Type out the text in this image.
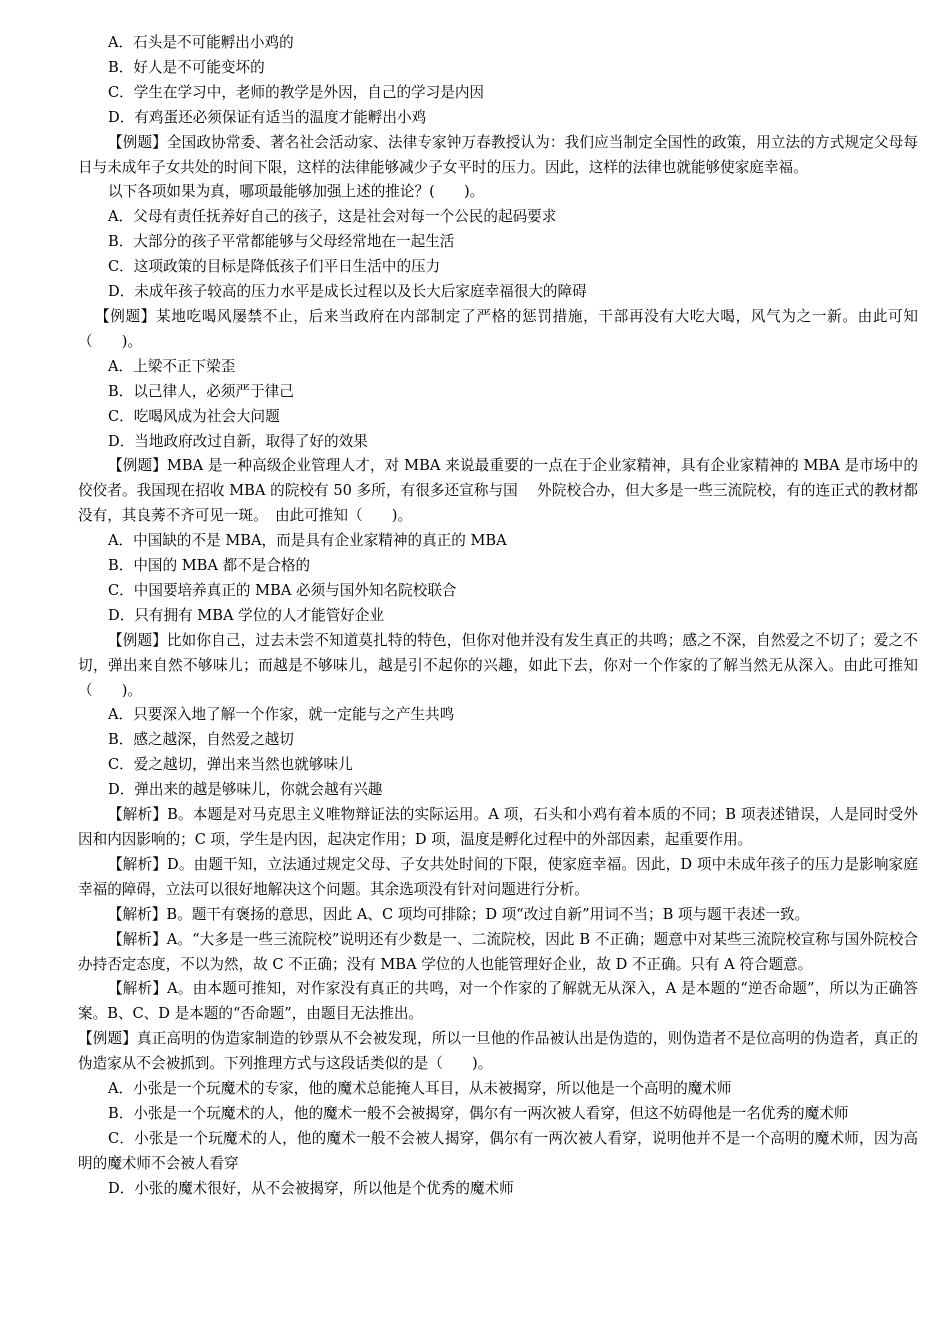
A．石头是不可能孵出小鸡的
B．好人是不可能变坏的
C．学生在学习中，老师的教学是外因，自己的学习是内因
D．有鸡蛋还必须保证有适当的温度才能孵出小鸡
【例题】全国政协常委、著名社会活动家、法律专家钟万春教授认为：我们应当制定全国性的政策，用立法的方式规定父母每日与未成年子女共处的时间下限，这样的法律能够减少子女平时的压力。因此，这样的法律也就能够使家庭幸福。
以下各项如果为真，哪项最能够加强上述的推论？(　　)。
A．父母有责任抚养好自己的孩子，这是社会对每一个公民的起码要求
B．大部分的孩子平常都能够与父母经常地在一起生活
C．这项政策的目标是降低孩子们平日生活中的压力
D．未成年孩子较高的压力水平是成长过程以及长大后家庭幸福很大的障碍
【例题】某地吃喝风屡禁不止，后来当政府在内部制定了严格的惩罚措施，干部再没有大吃大喝，风气为之一新。由此可知（　　)。
A．上梁不正下梁歪
B．以己律人，必须严于律己
C．吃喝风成为社会大问题
D．当地政府改过自新，取得了好的效果
【例题】MBA 是一种高级企业管理人才，对 MBA 来说最重要的一点在于企业家精神，具有企业家精神的 MBA 是市场中的佼佼者。我国现在招收 MBA 的院校有 50 多所，有很多还宣称与国　 外院校合办，但大多是一些三流院校，有的连正式的教材都没有，其良莠不齐可见一斑。　由此可推知（　　)。
A．中国缺的不是 MBA，而是具有企业家精神的真正的 MBA
B．中国的 MBA 都不是合格的
C．中国要培养真正的 MBA 必须与国外知名院校联合
D．只有拥有 MBA 学位的人才能管好企业
【例题】比如你自己，过去未尝不知道莫扎特的特色，但你对他并没有发生真正的共鸣；感之不深，自然爱之不切了；爱之不切，弹出来自然不够味儿；而越是不够味儿，越是引不起你的兴趣，如此下去，你对一个作家的了解当然无从深入。由此可推知（　　)。
A．只要深入地了解一个作家，就一定能与之产生共鸣
B．感之越深，自然爱之越切
C．爱之越切，弹出来当然也就够味儿
D．弹出来的越是够味儿，你就会越有兴趣
【解析】B。本题是对马克思主义唯物辩证法的实际运用。A 项，石头和小鸡有着本质的不同；B 项表述错误，人是同时受外因和内因影响的；C 项，学生是内因，起决定作用；D 项，温度是孵化过程中的外部因素，起重要作用。
【解析】D。由题干知，立法通过规定父母、子女共处时间的下限，使家庭幸福。因此，D 项中未成年孩子的压力是影响家庭幸福的障碍，立法可以很好地解决这个问题。其余选项没有针对问题进行分析。
【解析】B。题干有褒扬的意思，因此 A、C 项均可排除；D 项“改过自新”用词不当；B 项与题干表述一致。
【解析】A。“大多是一些三流院校”说明还有少数是一、二流院校，因此 B 不正确；题意中对某些三流院校宣称与国外院校合办持否定态度，不以为然，故 C 不正确；没有 MBA 学位的人也能管理好企业，故 D 不正确。只有 A 符合题意。
【解析】A。由本题可推知，对作家没有真正的共鸣，对一个作家的了解就无从深入，A 是本题的“逆否命题”，所以为正确答案。B、C、D 是本题的“否命题”，由题目无法推出。
【例题】真正高明的伪造家制造的钞票从不会被发现，所以一旦他的作品被认出是伪造的，则伪造者不是位高明的伪造者，真正的伪造家从不会被抓到。下列推理方式与这段话类似的是（　　)。
A．小张是一个玩魔术的专家，他的魔术总能掩人耳目，从未被揭穿，所以他是一个高明的魔术师
B．小张是一个玩魔术的人，他的魔术一般不会被揭穿，偶尔有一两次被人看穿，但这不妨碍他是一名优秀的魔术师
C．小张是一个玩魔术的人，他的魔术一般不会被人揭穿，偶尔有一两次被人看穿，说明他并不是一个高明的魔术师，因为高明的魔术师不会被人看穿
D．小张的魔术很好，从不会被揭穿，所以他是个优秀的魔术师
